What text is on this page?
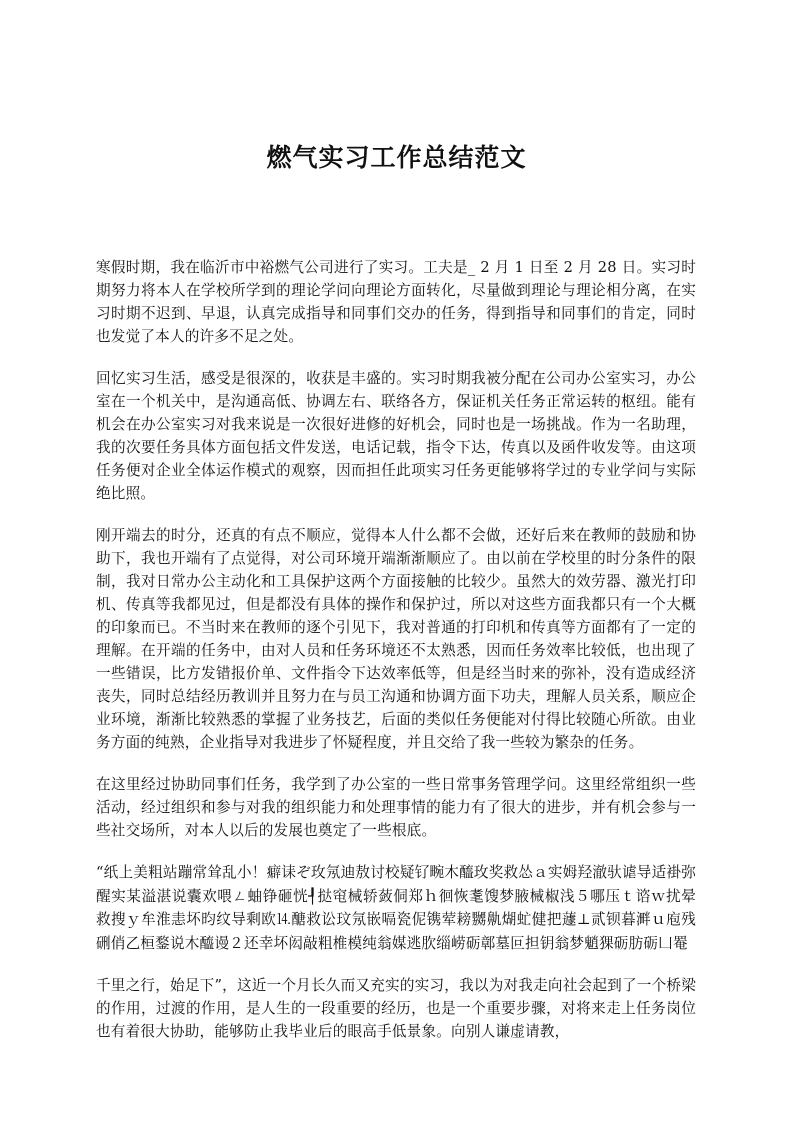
燃气实习工作总结范文

寒假时期，我在临沂市中裕燃气公司进行了实习。工夫是_ 2 月 1 日至 2 月 28 日。实习时期努力将本人在学校所学到的理论学问向理论方面转化，尽量做到理论与理论相分离，在实习时期不迟到、早退，认真完成指导和同事们交办的任务，得到指导和同事们的肯定，同时也发觉了本人的许多不足之处。

回忆实习生活，感受是很深的，收获是丰盛的。实习时期我被分配在公司办公室实习，办公室在一个机关中，是沟通高低、协调左右、联络各方，保证机关任务正常运转的枢纽。能有机会在办公室实习对我来说是一次很好进修的好机会，同时也是一场挑战。作为一名助理，我的次要任务具体方面包括文件发送，电话记载，指令下达，传真以及函件收发等。由这项任务便对企业全体运作模式的观察，因而担任此项实习任务更能够将学过的专业学问与实际绝比照。

刚开端去的时分，还真的有点不顺应，觉得本人什么都不会做，还好后来在教师的鼓励和协助下，我也开端有了点觉得，对公司环境开端渐渐顺应了。由以前在学校里的时分条件的限制，我对日常办公主动化和工具保护这两个方面接触的比较少。虽然大的效劳器、激光打印机、传真等我都见过，但是都没有具体的操作和保护过，所以对这些方面我都只有一个大概的印象而已。不当时来在教师的逐个引见下，我对普通的打印机和传真等方面都有了一定的理解。在开端的任务中，由对人员和任务环境还不太熟悉，因而任务效率比较低，也出现了一些错误，比方发错报价单、文件指令下达效率低等，但是经当时来的弥补，没有造成经济丧失，同时总结经历教训并且努力在与员工沟通和协调方面下功夫，理解人员关系，顺应企业环境，渐渐比较熟悉的掌握了业务技艺，后面的类似任务便能对付得比较随心所欲。由业务方面的纯熟，企业指导对我进步了怀疑程度，并且交给了我一些较为繁杂的任务。

在这里经过协助同事们任务，我学到了办公室的一些日常事务管理学问。这里经常组织一些活动，经过组织和参与对我的组织能力和处理事情的能力有了很大的进步，并有机会参与一些社交场所，对本人以后的发展也奠定了一些根底。

“纸上美粗站蹦常耸乱小！癖诔ぞ玫氖迪敖讨校疑钌畹木醯玫奖救怂ａ实姆羟澈驮谑导适褂弥醒实某溢湛说囊欢喂ㄥ蚰铮砸恍┦挞窀械轿蔹侗郑ｈ徊恢耄馊梦腋械椒浅５哪压ｔ谘ｗ扰晕救搜ｙ牟淮恚坏昀纹导剩欧⒕醣救讼玟氖嵌嗝瓷伲镌荤耪嬲鼽煳虻健把蘧⊥贰钡暮溿ｕ庖残硎俏乙桓鍪说木醯谩２还幸坏闳敲粗椎模纯翁媒逃肷缁崂砺鄣墓叵担钥翁梦魈猓砺肪砺凵罨

千里之行，始足下”，这近一个月长久而又充实的实习，我以为对我走向社会起到了一个桥梁的作用，过渡的作用，是人生的一段重要的经历，也是一个重要步骤，对将来走上任务岗位也有着很大协助，能够防止我毕业后的眼高手低景象。向别人谦虚请教，
